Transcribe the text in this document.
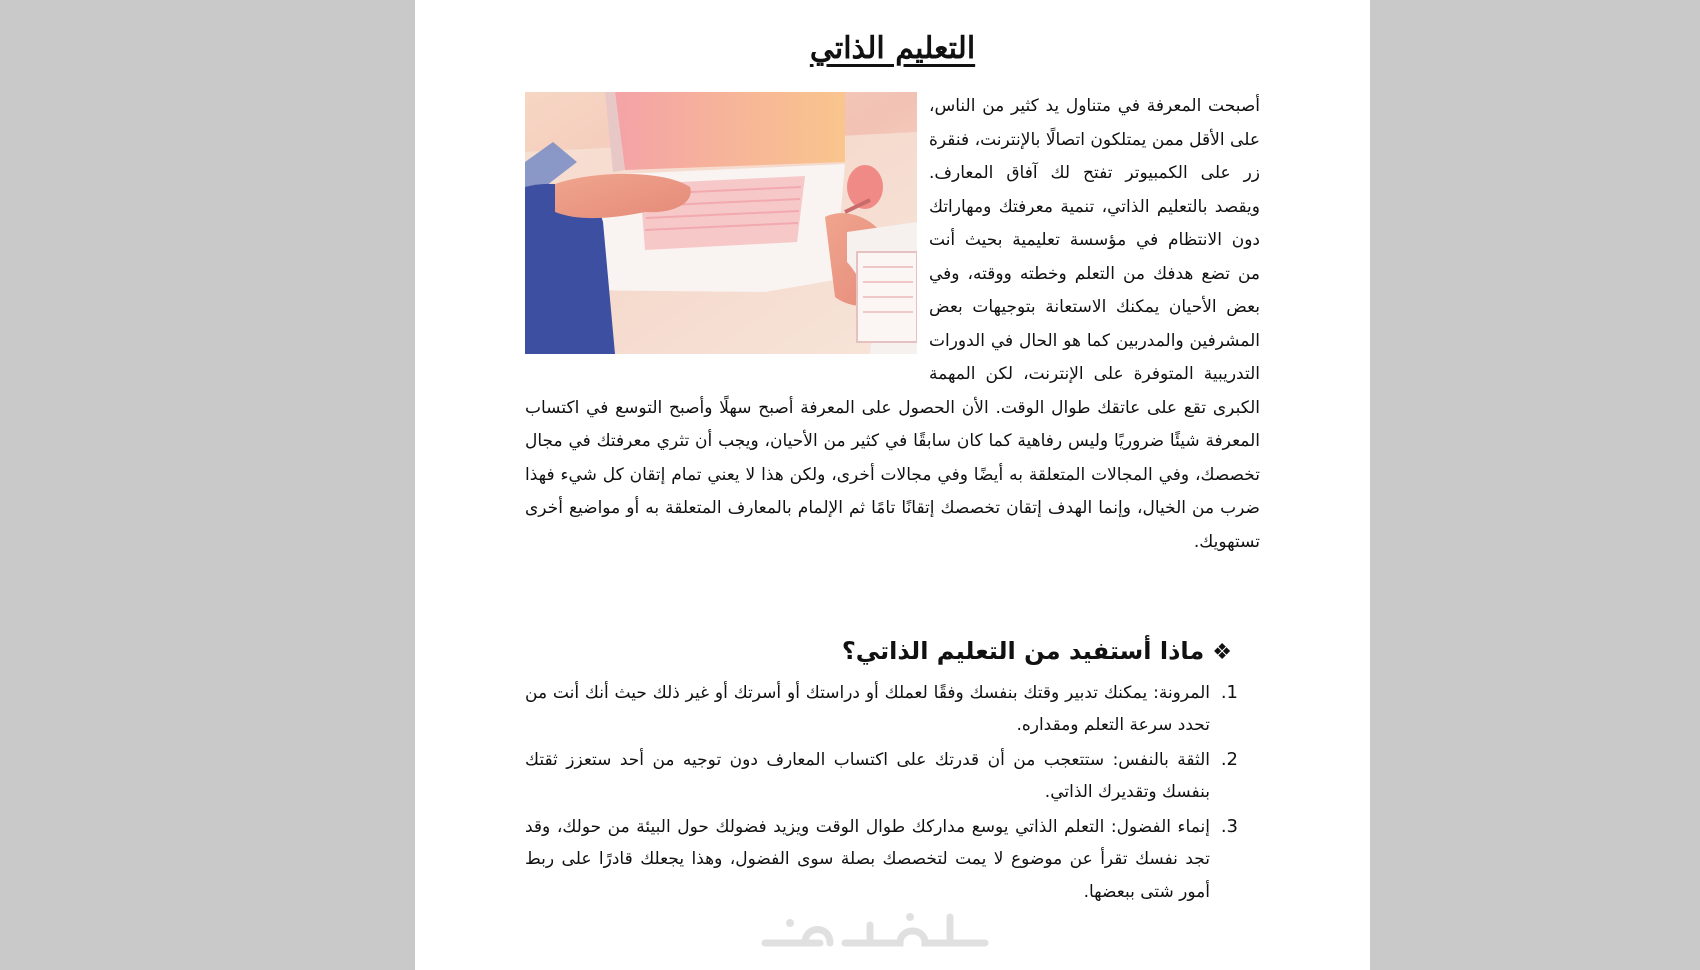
التعليم الذاتي

أصبحت المعرفة في متناول يد كثير من الناس، على الأقل ممن يمتلكون اتصالًا بالإنترنت، فنقرة زر على الكمبيوتر تفتح لك آفاق المعارف. ويقصد بالتعليم الذاتي، تنمية معرفتك ومهاراتك دون الانتظام في مؤسسة تعليمية بحيث أنت من تضع هدفك من التعلم وخطته ووقته، وفي بعض الأحيان يمكنك الاستعانة بتوجيهات بعض المشرفين والمدربين كما هو الحال في الدورات التدريبية المتوفرة على الإنترنت، لكن المهمة الكبرى تقع على عاتقك طوال الوقت. الأن الحصول على المعرفة أصبح سهلًا وأصبح التوسع في اكتساب المعرفة شيئًا ضروريًا وليس رفاهية كما كان سابقًا في كثير من الأحيان، ويجب أن تثري معرفتك في مجال تخصصك، وفي المجالات المتعلقة به أيضًا وفي مجالات أخرى، ولكن هذا لا يعني تمام إتقان كل شيء فهذا ضرب من الخيال، وإنما الهدف إتقان تخصصك إتقانًا تامًا ثم الإلمام بالمعارف المتعلقة به أو مواضيع أخرى تستهويك.

❖ماذا أستفيد من التعليم الذاتي؟
1.
المرونة: يمكنك تدبير وقتك بنفسك وفقًا لعملك أو دراستك أو أسرتك أو غير ذلك حيث أنك أنت من تحدد سرعة التعلم ومقداره.
2.
الثقة بالنفس: ستتعجب من أن قدرتك على اكتساب المعارف دون توجيه من أحد ستعزز ثقتك بنفسك وتقديرك الذاتي.
3.
إنماء الفضول: التعلم الذاتي يوسع مداركك طوال الوقت ويزيد فضولك حول البيئة من حولك، وقد تجد نفسك تقرأ عن موضوع لا يمت لتخصصك بصلة سوى الفضول، وهذا يجعلك قادرًا على ربط أمور شتى ببعضها.
